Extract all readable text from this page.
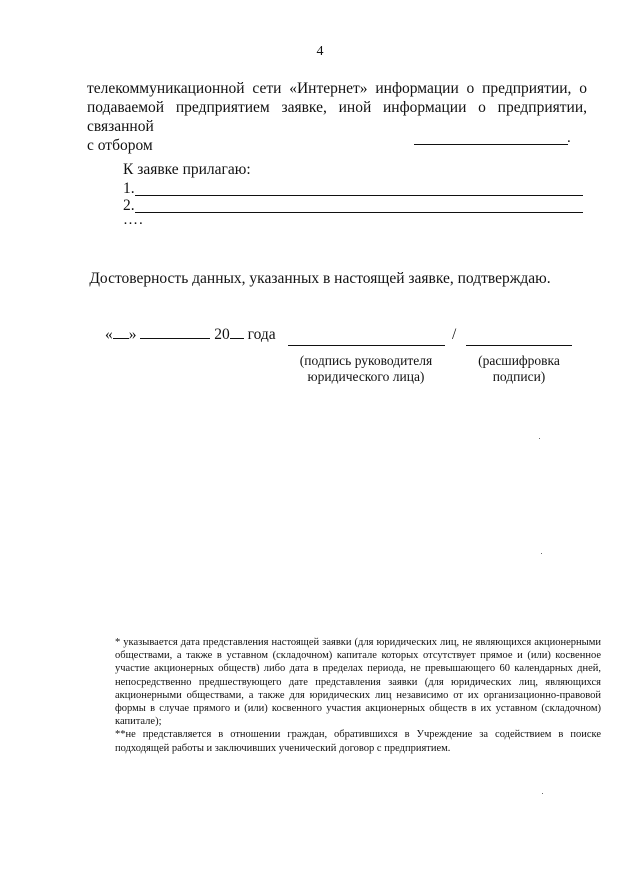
4
телекоммуникационной сети «Интернет» информации о предприятии, о
подаваемой предприятием заявке, иной информации о предприятии, связанной
с отбором	.
К заявке прилагаю:
1.
2.
….
Достоверность данных, указанных в настоящей заявке, подтверждаю.
« »	20 года	/
(подпись руководителя
юридического лица)
(расшифровка
подписи)
* указывается дата представления настоящей заявки (для юридических лиц, не являющихся акционерными
обществами, а также в уставном (складочном) капитале которых отсутствует прямое и (или) косвенное
участие акционерных обществ) либо дата в пределах периода, не превышающего 60 календарных дней,
непосредственно предшествующего дате представления заявки (для юридических лиц, являющихся
акционерными обществами, а также для юридических лиц независимо от их организационно-правовой
формы в случае прямого и (или) косвенного участия акционерных обществ в их уставном (складочном)
капитале);
**не представляется в отношении граждан, обратившихся в Учреждение за содействием в поиске
подходящей работы и заключивших ученический договор с предприятием.
